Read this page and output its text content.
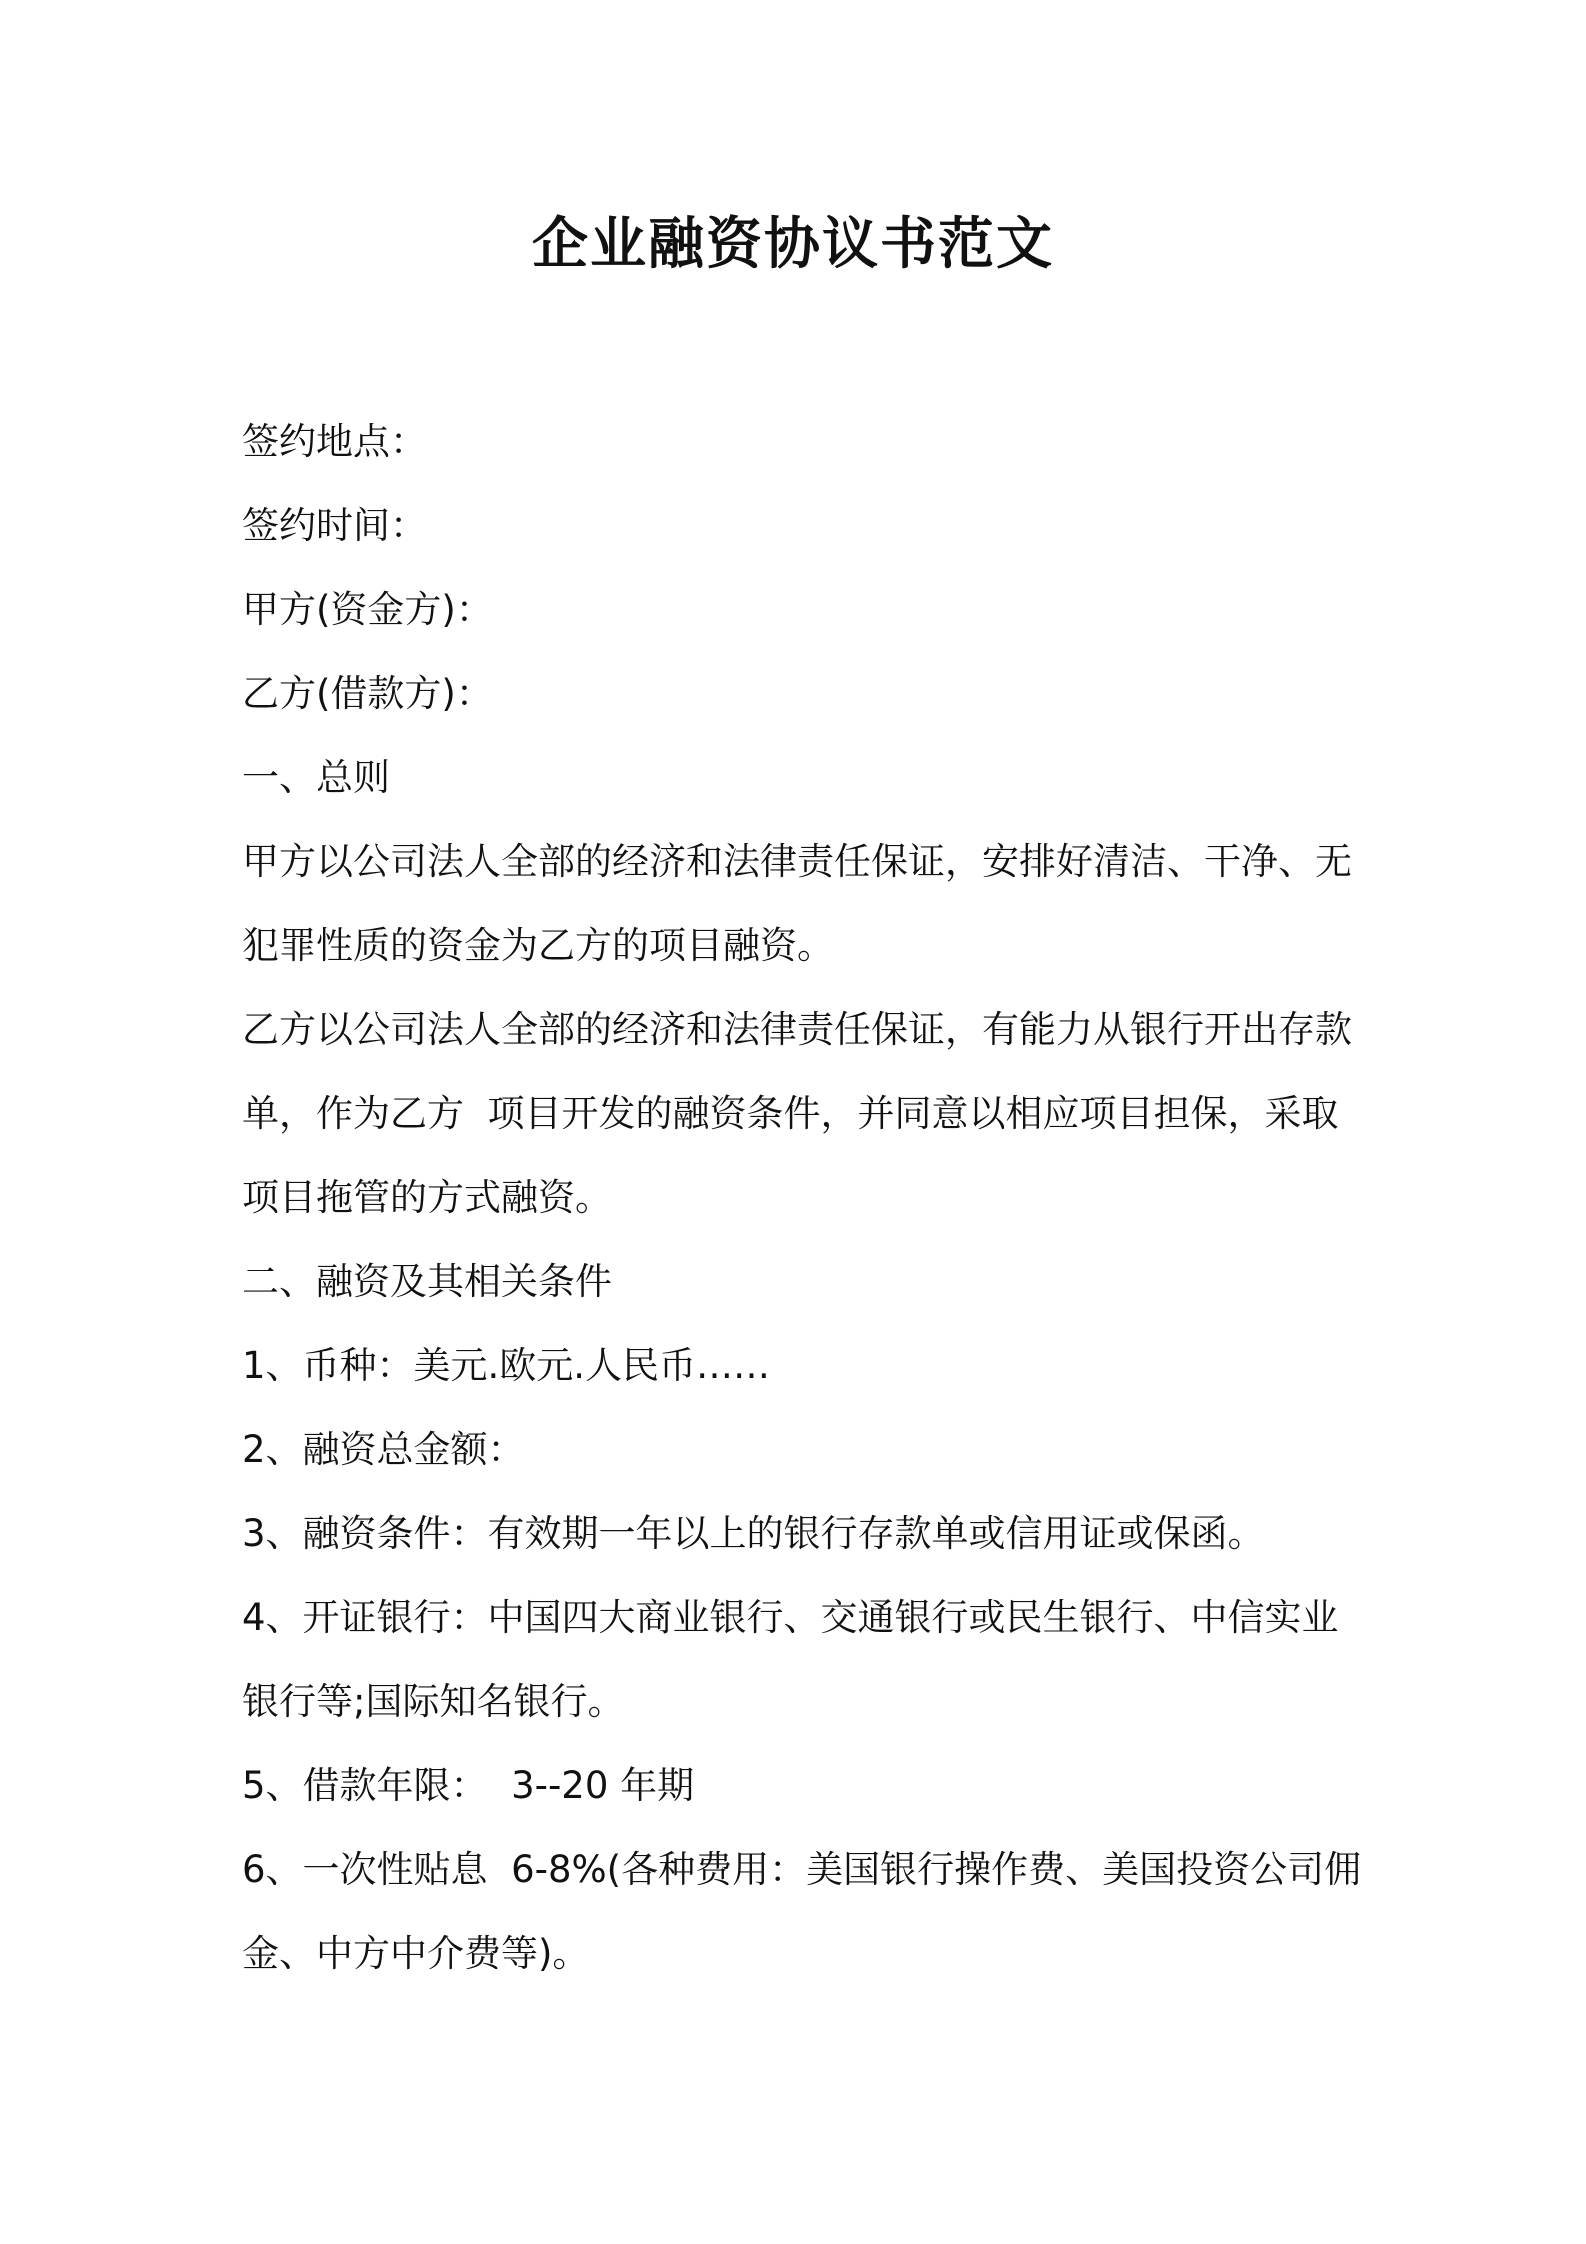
企业融资协议书范文

签约地点：

签约时间：

甲方(资金方)：

乙方(借款方)：

一、总则

甲方以公司法人全部的经济和法律责任保证，安排好清洁、干净、无

犯罪性质的资金为乙方的项目融资。

乙方以公司法人全部的经济和法律责任保证，有能力从银行开出存款

单，作为乙方  项目开发的融资条件，并同意以相应项目担保，采取

项目拖管的方式融资。

二、融资及其相关条件

1、币种：美元.欧元.人民币……

2、融资总金额：

3、融资条件：有效期一年以上的银行存款单或信用证或保函。

4、开证银行：中国四大商业银行、交通银行或民生银行、中信实业

银行等;国际知名银行。

5、借款年限：  3--20 年期

6、一次性贴息  6-8%(各种费用：美国银行操作费、美国投资公司佣

金、中方中介费等)。
